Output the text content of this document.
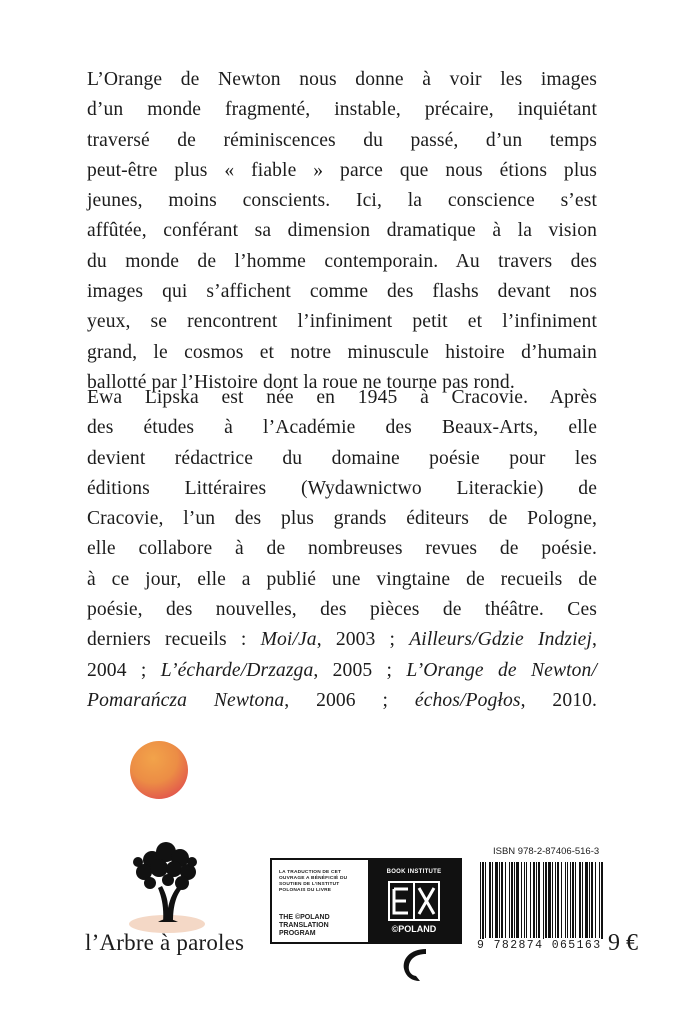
L’Orange de Newton nous donne à voir les images
d’un monde fragmenté, instable, précaire, inquiétant
traversé de réminiscences du passé, d’un temps
peut-être plus « fiable » parce que nous étions plus
jeunes, moins conscients. Ici, la conscience s’est
affûtée, conférant sa dimension dramatique à la vision
du monde de l’homme contemporain. Au travers des
images qui s’affichent comme des flashs devant nos
yeux, se rencontrent l’infiniment petit et l’infiniment
grand, le cosmos et notre minuscule histoire d’humain
ballotté par l’Histoire dont la roue ne tourne pas rond.
Ewa Lipska est née en 1945 à Cracovie. Après
des études à l’Académie des Beaux-Arts, elle
devient rédactrice du domaine poésie pour les
éditions Littéraires (Wydawnictwo Literackie) de
Cracovie, l’un des plus grands éditeurs de Pologne,
elle collabore à de nombreuses revues de poésie.
à ce jour, elle a publié une vingtaine de recueils de
poésie, des nouvelles, des pièces de théâtre. Ces
derniers recueils : Moi/Ja, 2003 ; Ailleurs/Gdzie Indziej,
2004 ; L’écharde/Drzazga, 2005 ; L’Orange de Newton/
Pomarańcza Newtona, 2006 ; échos/Pogłos, 2010.
l’Arbre à paroles
LA TRADUCTION DE CET OUVRAGE A BÉNÉFICIÉ DU SOUTIEN DE L’INSTITUT POLONAIS DU LIVRE
THE ©POLAND
TRANSLATION
PROGRAM
BOOK INSTITUTE
©POLAND
ISBN 978-2-87406-516-3
9 782874 065163 9 €
